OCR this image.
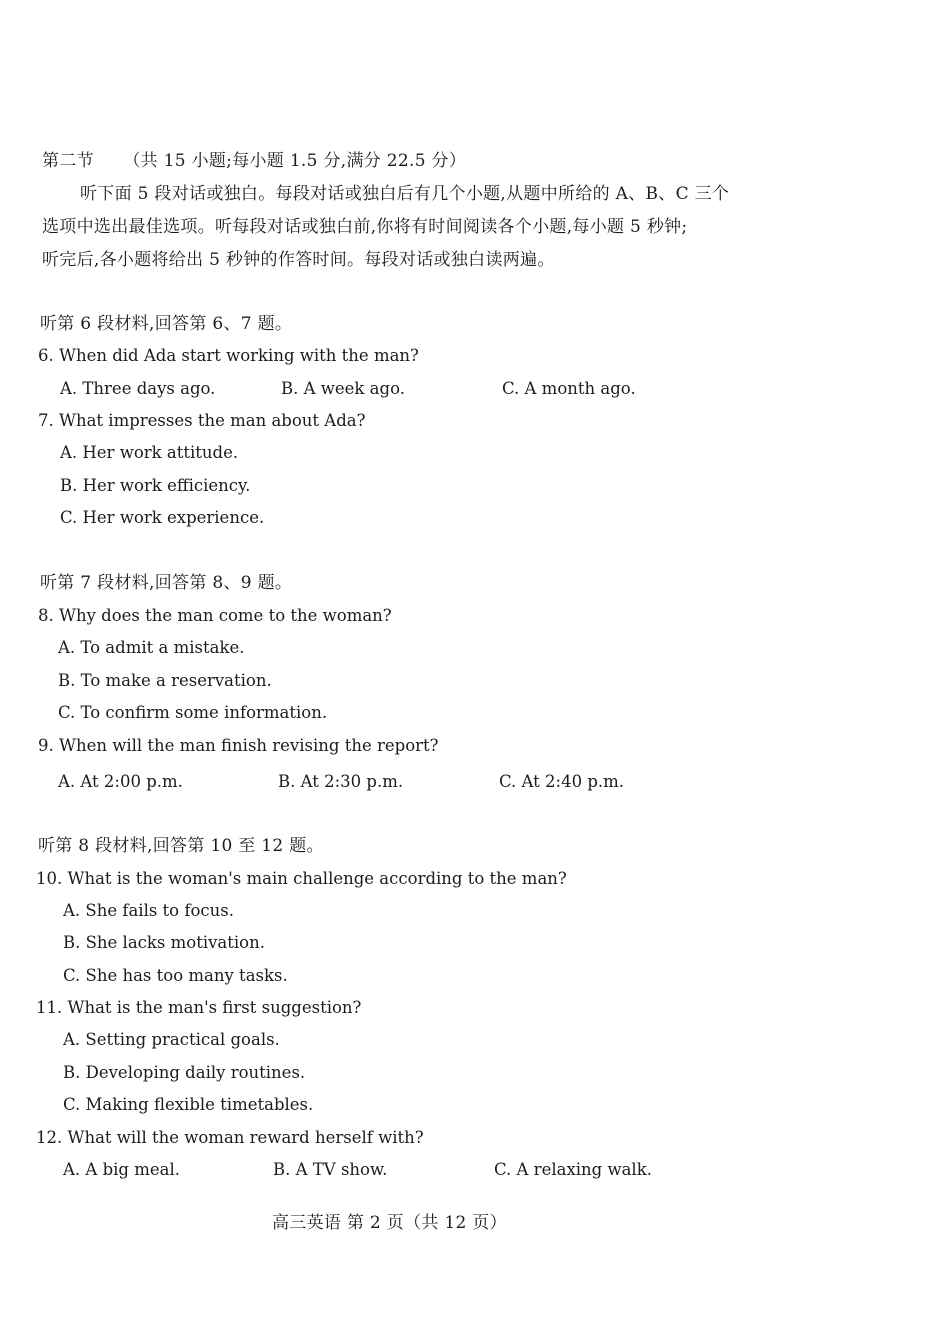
第二节 （共 15 小题;每小题 1.5 分,满分 22.5 分）
听下面 5 段对话或独白。每段对话或独白后有几个小题,从题中所给的 A、B、C 三个
选项中选出最佳选项。听每段对话或独白前,你将有时间阅读各个小题,每小题 5 秒钟;
听完后,各小题将给出 5 秒钟的作答时间。每段对话或独白读两遍。
听第 6 段材料,回答第 6、7 题。
6. When did Ada start working with the man?
A. Three days ago.	B. A week ago.	C. A month ago.
7. What impresses the man about Ada?
A. Her work attitude.
B. Her work efficiency.
C. Her work experience.
听第 7 段材料,回答第 8、9 题。
8. Why does the man come to the woman?
A. To admit a mistake.
B. To make a reservation.
C. To confirm some information.
9. When will the man finish revising the report?
A. At 2:00 p.m.	B. At 2:30 p.m.	C. At 2:40 p.m.
听第 8 段材料,回答第 10 至 12 题。
10. What is the woman's main challenge according to the man?
A. She fails to focus.
B. She lacks motivation.
C. She has too many tasks.
11. What is the man's first suggestion?
A. Setting practical goals.
B. Developing daily routines.
C. Making flexible timetables.
12. What will the woman reward herself with?
A. A big meal.	B. A TV show.	C. A relaxing walk.
高三英语 第 2 页（共 12 页）
